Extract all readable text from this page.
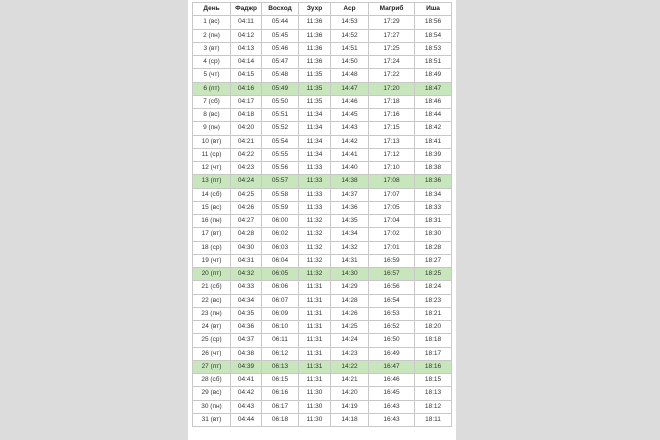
День	Фаджр	Восход	Зухр	Аср	Магриб	Иша
1 (вс)	04:11	05:44	11:36	14:53	17:29	18:56
2 (пн)	04:12	05:45	11:36	14:52	17:27	18:54
3 (вт)	04:13	05:46	11:36	14:51	17:25	18:53
4 (ср)	04:14	05:47	11:36	14:50	17:24	18:51
5 (чт)	04:15	05:48	11:35	14:48	17:22	18:49
6 (пт)	04:16	05:49	11:35	14:47	17:20	18:47
7 (сб)	04:17	05:50	11:35	14:46	17:18	18:46
8 (вс)	04:18	05:51	11:34	14:45	17:16	18:44
9 (пн)	04:20	05:52	11:34	14:43	17:15	18:42
10 (вт)	04:21	05:54	11:34	14:42	17:13	18:41
11 (ср)	04:22	05:55	11:34	14:41	17:12	18:39
12 (чт)	04:23	05:56	11:33	14:40	17:10	18:38
13 (пт)	04:24	05:57	11:33	14:38	17:08	18:36
14 (сб)	04:25	05:58	11:33	14:37	17:07	18:34
15 (вс)	04:26	05:59	11:33	14:36	17:05	18:33
16 (пн)	04:27	06:00	11:32	14:35	17:04	18:31
17 (вт)	04:28	06:02	11:32	14:34	17:02	18:30
18 (ср)	04:30	06:03	11:32	14:32	17:01	18:28
19 (чт)	04:31	06:04	11:32	14:31	16:59	18:27
20 (пт)	04:32	06:05	11:32	14:30	16:57	18:25
21 (сб)	04:33	06:06	11:31	14:29	16:56	18:24
22 (вс)	04:34	06:07	11:31	14:28	16:54	18:23
23 (пн)	04:35	06:09	11:31	14:26	16:53	18:21
24 (вт)	04:36	06:10	11:31	14:25	16:52	18:20
25 (ср)	04:37	06:11	11:31	14:24	16:50	18:18
26 (чт)	04:38	06:12	11:31	14:23	16:49	18:17
27 (пт)	04:39	06:13	11:31	14:22	16:47	18:16
28 (сб)	04:41	06:15	11:31	14:21	16:46	18:15
29 (вс)	04:42	06:16	11:30	14:20	16:45	18:13
30 (пн)	04:43	06:17	11:30	14:19	16:43	18:12
31 (вт)	04:44	06:18	11:30	14:18	16:43	18:11
